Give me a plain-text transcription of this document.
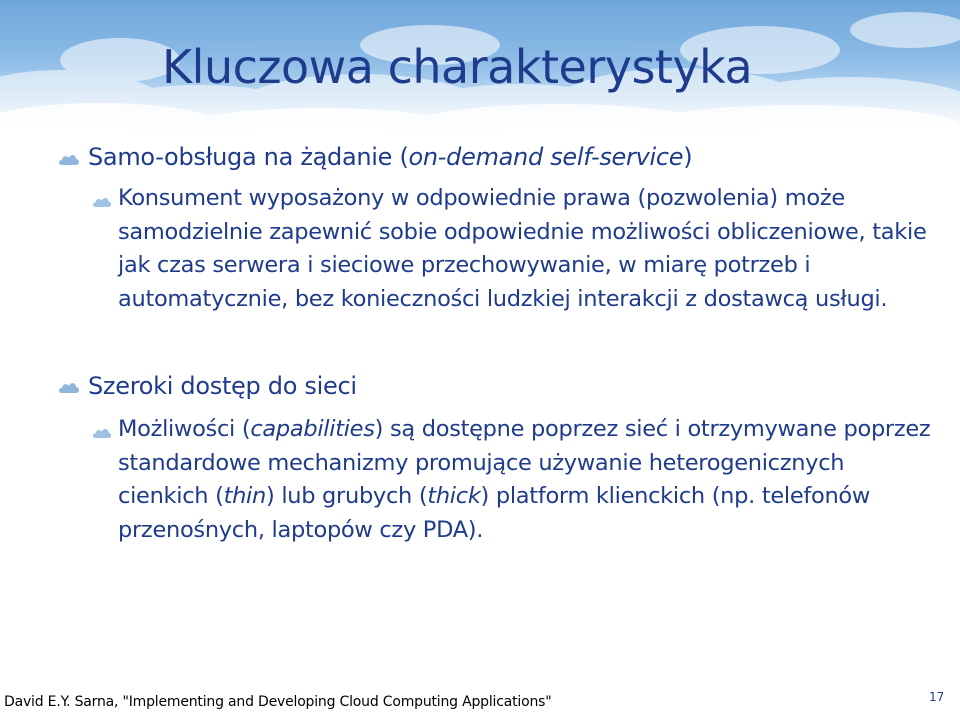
Kluczowa charakterystyka
Samo-obsługa na żądanie (on-demand self-service)
Konsument wyposażony w odpowiednie prawa (pozwolenia) może samodzielnie zapewnić sobie odpowiednie możliwości obliczeniowe, takie jak czas serwera i sieciowe przechowywanie, w miarę potrzeb i automatycznie, bez konieczności ludzkiej interakcji z dostawcą usługi.
Szeroki dostęp do sieci
Możliwości (capabilities) są dostępne poprzez sieć i otrzymywane poprzez standardowe mechanizmy promujące używanie heterogenicznych cienkich (thin) lub grubych (thick) platform klienckich (np. telefonów przenośnych, laptopów czy PDA).
David E.Y. Sarna, "Implementing and Developing Cloud Computing Applications"	17
